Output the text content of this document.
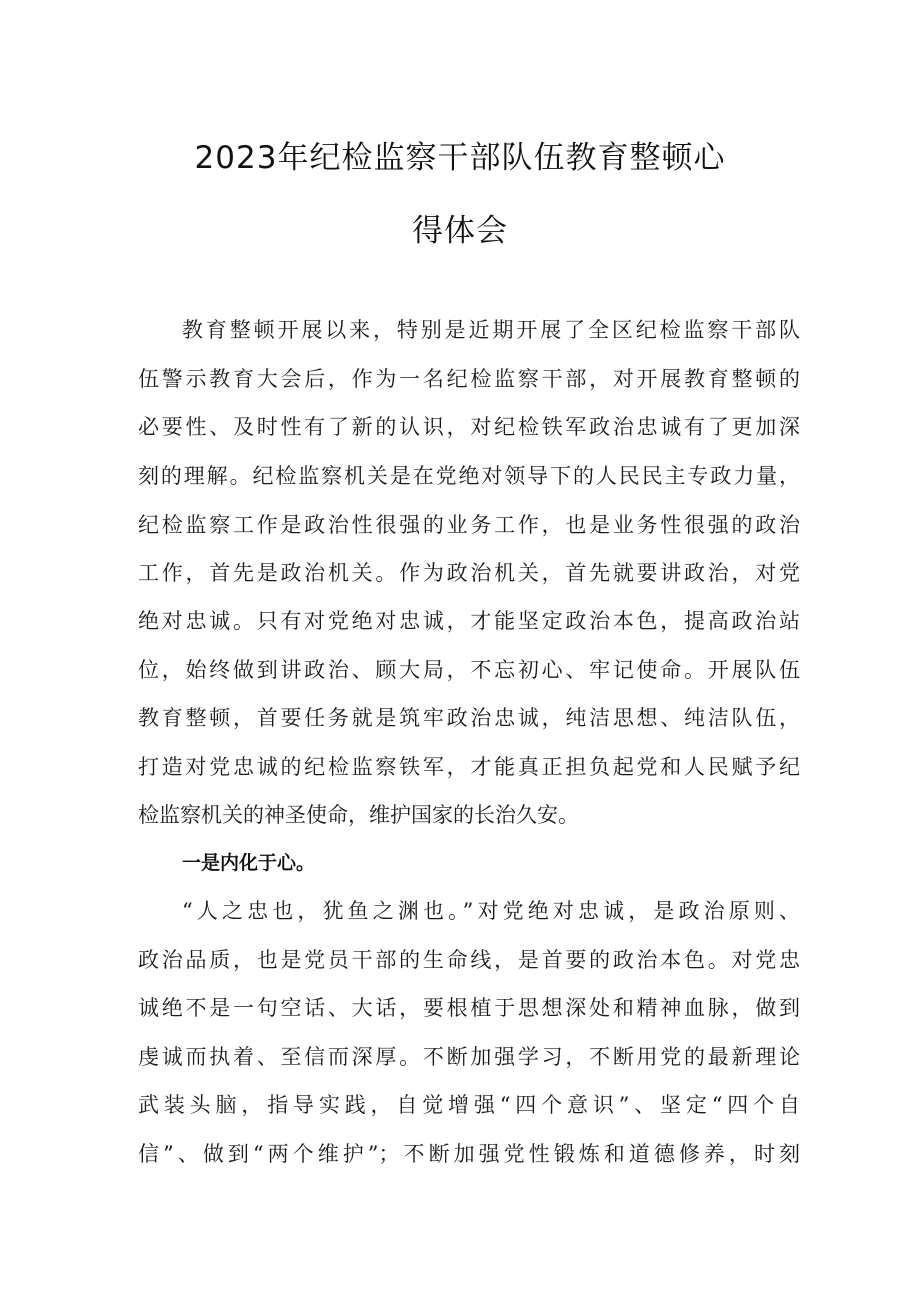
2023年纪检监察干部队伍教育整顿心
得体会
教育整顿开展以来，特别是近期开展了全区纪检监察干部队
伍警示教育大会后，作为一名纪检监察干部，对开展教育整顿的
必要性、及时性有了新的认识，对纪检铁军政治忠诚有了更加深
刻的理解。纪检监察机关是在党绝对领导下的人民民主专政力量，
纪检监察工作是政治性很强的业务工作，也是业务性很强的政治
工作，首先是政治机关。作为政治机关，首先就要讲政治，对党
绝对忠诚。只有对党绝对忠诚，才能坚定政治本色，提高政治站
位，始终做到讲政治、顾大局，不忘初心、牢记使命。开展队伍
教育整顿，首要任务就是筑牢政治忠诚，纯洁思想、纯洁队伍，
打造对党忠诚的纪检监察铁军，才能真正担负起党和人民赋予纪
检监察机关的神圣使命，维护国家的长治久安。
一是内化于心。
“人之忠也，犹鱼之渊也。”对党绝对忠诚，是政治原则、
政治品质，也是党员干部的生命线，是首要的政治本色。对党忠
诚绝不是一句空话、大话，要根植于思想深处和精神血脉，做到
虔诚而执着、至信而深厚。不断加强学习，不断用党的最新理论
武装头脑，指导实践，自觉增强“四个意识”、坚定“四个自
信”、做到“两个维护”；不断加强党性锻炼和道德修养，时刻
